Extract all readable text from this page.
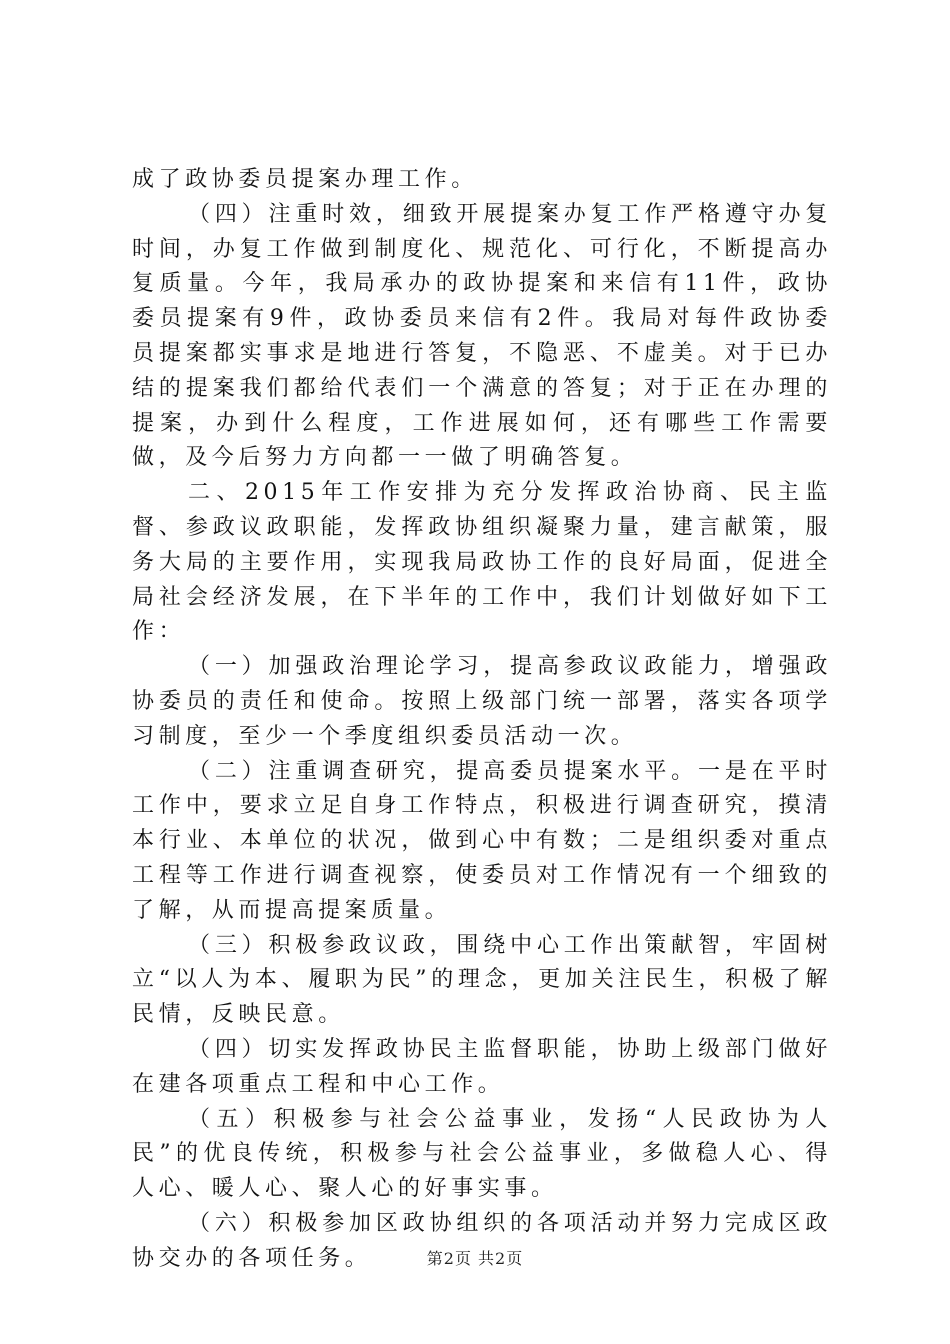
成了政协委员提案办理工作。

（四）注重时效，细致开展提案办复工作严格遵守办复时间，办复工作做到制度化、规范化、可行化，不断提高办复质量。今年，我局承办的政协提案和来信有11件，政协委员提案有9件，政协委员来信有2件。我局对每件政协委员提案都实事求是地进行答复，不隐恶、不虚美。对于已办结的提案我们都给代表们一个满意的答复；对于正在办理的提案，办到什么程度，工作进展如何，还有哪些工作需要做，及今后努力方向都一一做了明确答复。

二、2015年工作安排为充分发挥政治协商、民主监督、参政议政职能，发挥政协组织凝聚力量，建言献策，服务大局的主要作用，实现我局政协工作的良好局面，促进全局社会经济发展，在下半年的工作中，我们计划做好如下工作：

（一）加强政治理论学习，提高参政议政能力，增强政协委员的责任和使命。按照上级部门统一部署，落实各项学习制度，至少一个季度组织委员活动一次。

（二）注重调查研究，提高委员提案水平。一是在平时工作中，要求立足自身工作特点，积极进行调查研究，摸清本行业、本单位的状况，做到心中有数；二是组织委对重点工程等工作进行调查视察，使委员对工作情况有一个细致的了解，从而提高提案质量。

（三）积极参政议政，围绕中心工作出策献智，牢固树立“以人为本、履职为民”的理念，更加关注民生，积极了解民情，反映民意。

（四）切实发挥政协民主监督职能，协助上级部门做好在建各项重点工程和中心工作。

（五）积极参与社会公益事业，发扬“人民政协为人民”的优良传统，积极参与社会公益事业，多做稳人心、得人心、暖人心、聚人心的好事实事。

（六）积极参加区政协组织的各项活动并努力完成区政协交办的各项任务。	第2页 共2页
